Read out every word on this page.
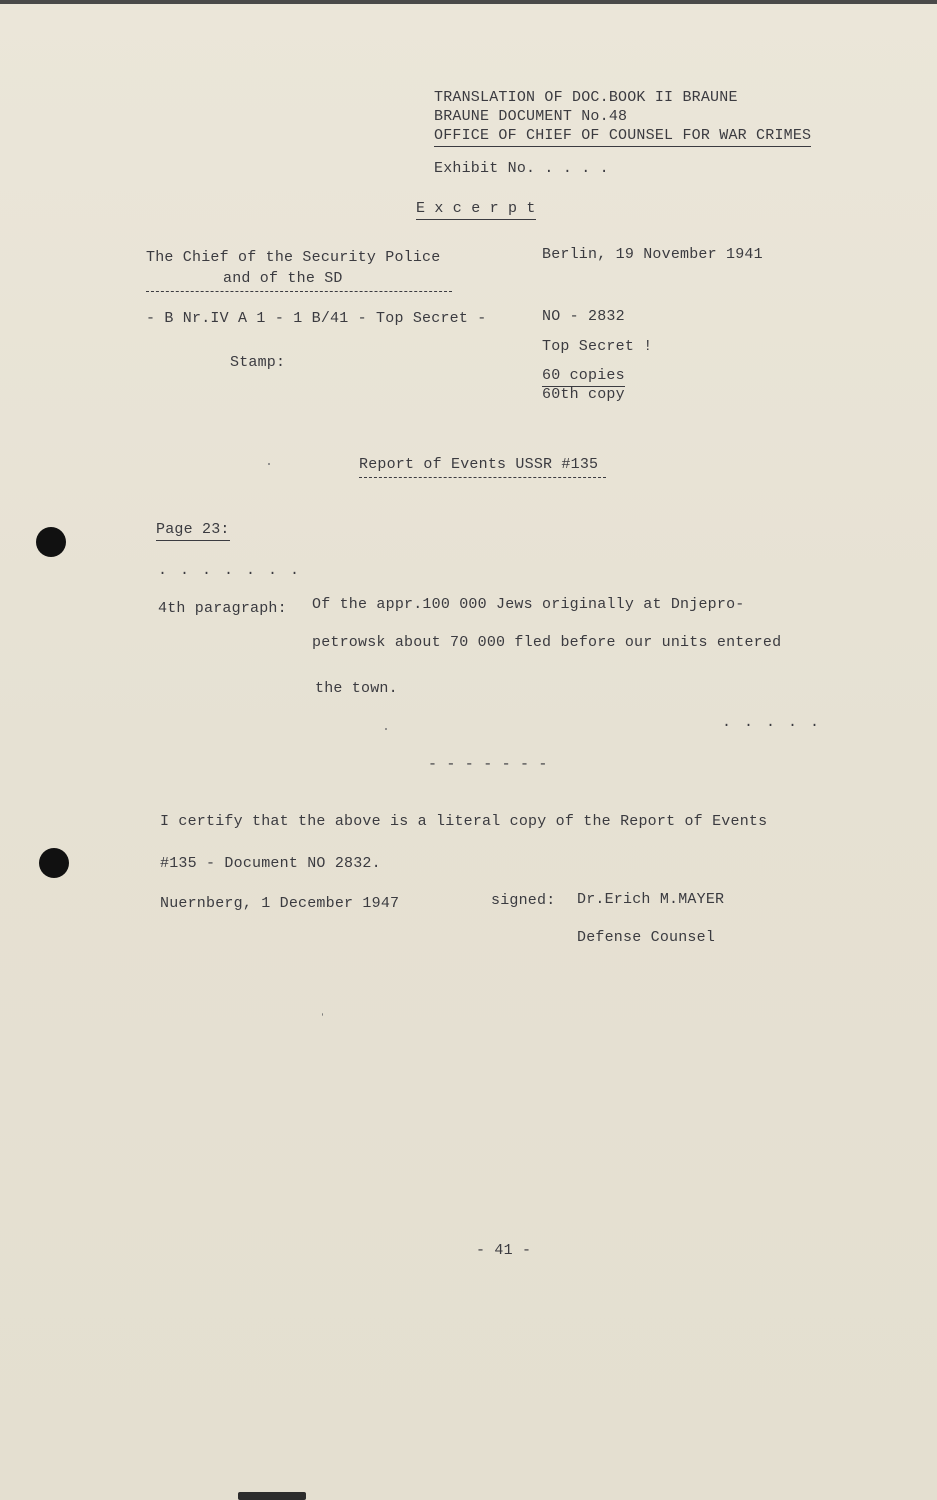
TRANSLATION OF DOC.BOOK II BRAUNE
BRAUNE DOCUMENT No.48
OFFICE OF CHIEF OF COUNSEL FOR WAR CRIMES
Exhibit No. . . . .
E x c e r p t
The Chief of the Security Police
and of the SD
Berlin, 19 November 1941
- B Nr.IV A 1 - 1 B/41 - Top Secret -	NO - 2832
Top Secret !
Stamp:
60 copies
60th copy
Report of Events USSR #135
Page 23:
. . . . . . .
4th paragraph: Of the appr.100 000 Jews originally at Dnjepro-
petrowsk about 70 000 fled before our units entered
the town.
. . . . .
- - - - - - -
I certify that the above is a literal copy of the Report of Events
#135 - Document NO 2832.
Nuernberg, 1 December 1947	signed: Dr.Erich M.MAYER
Defense Counsel
- 41 -
